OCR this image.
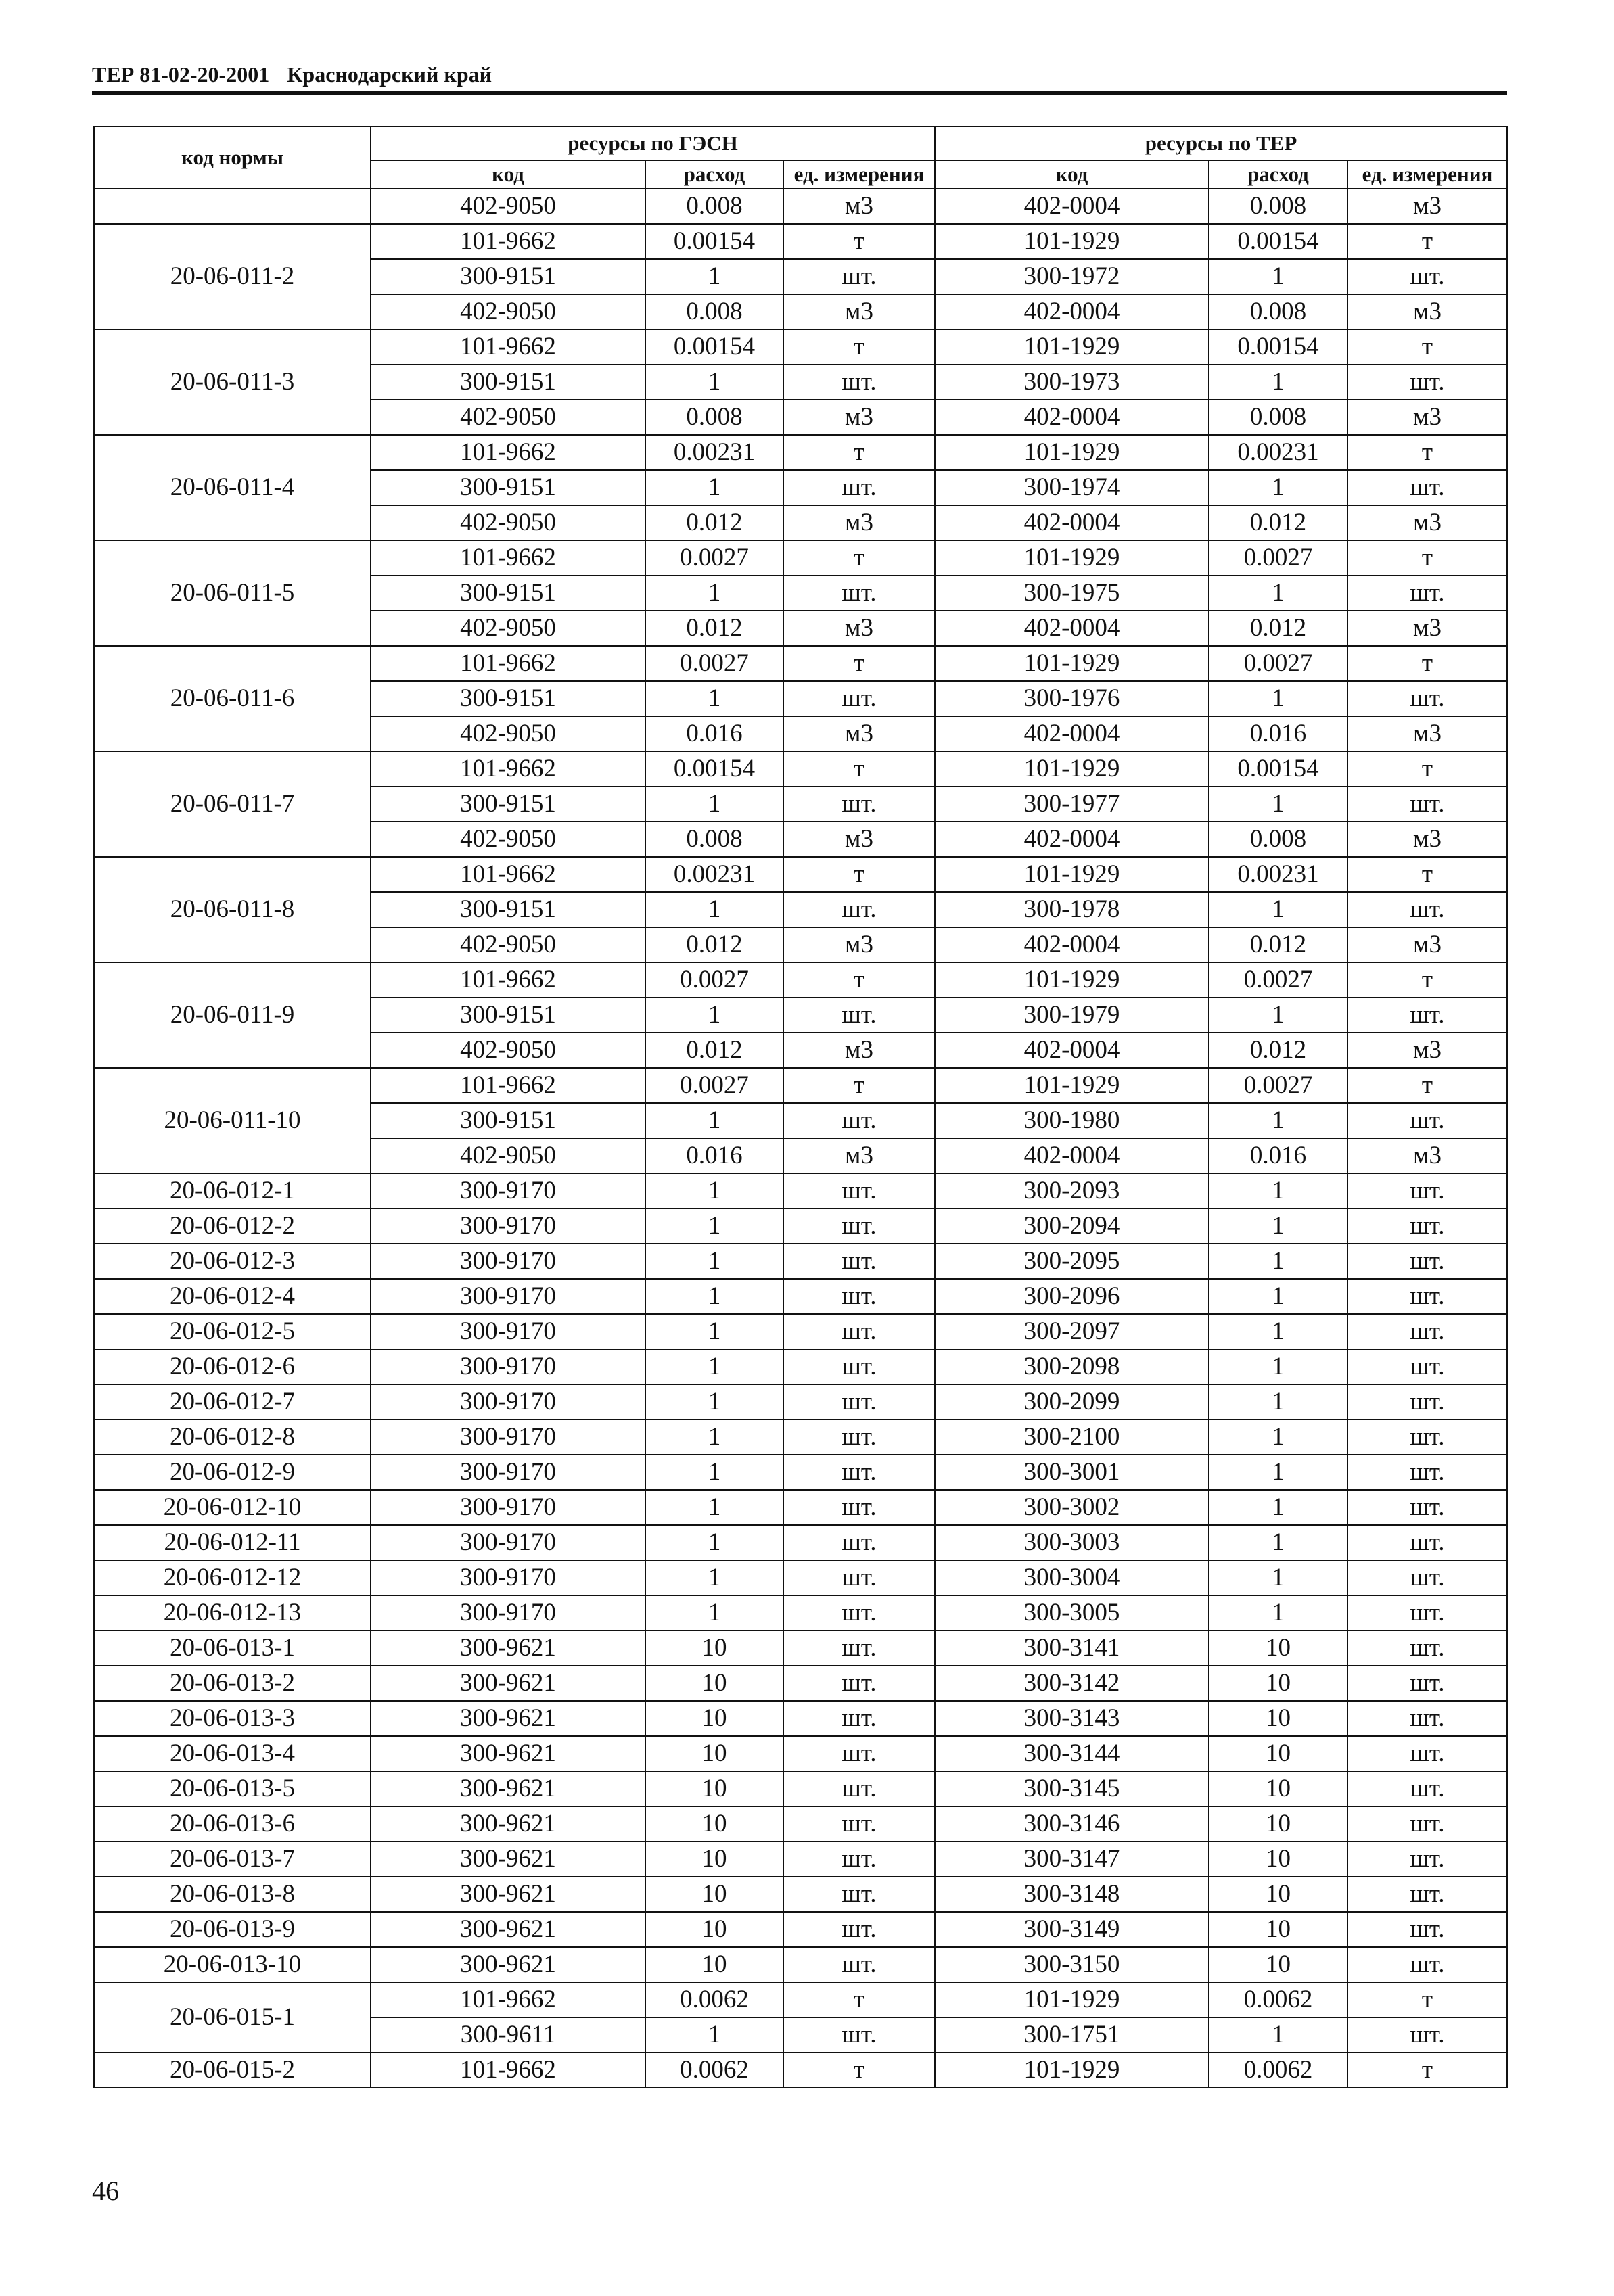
ТЕР 81-02-20-2001 Краснодарский край
код нормы	ресурсы по ГЭСН			ресурсы по ТЕР		
	код	расход	ед. измерения	код	расход	ед. измерения
	402-9050	0.008	м3	402-0004	0.008	м3
20-06-011-2	101-9662	0.00154	т	101-1929	0.00154	т
	300-9151	1	шт.	300-1972	1	шт.
	402-9050	0.008	м3	402-0004	0.008	м3
20-06-011-3	101-9662	0.00154	т	101-1929	0.00154	т
	300-9151	1	шт.	300-1973	1	шт.
	402-9050	0.008	м3	402-0004	0.008	м3
20-06-011-4	101-9662	0.00231	т	101-1929	0.00231	т
	300-9151	1	шт.	300-1974	1	шт.
	402-9050	0.012	м3	402-0004	0.012	м3
20-06-011-5	101-9662	0.0027	т	101-1929	0.0027	т
	300-9151	1	шт.	300-1975	1	шт.
	402-9050	0.012	м3	402-0004	0.012	м3
20-06-011-6	101-9662	0.0027	т	101-1929	0.0027	т
	300-9151	1	шт.	300-1976	1	шт.
	402-9050	0.016	м3	402-0004	0.016	м3
20-06-011-7	101-9662	0.00154	т	101-1929	0.00154	т
	300-9151	1	шт.	300-1977	1	шт.
	402-9050	0.008	м3	402-0004	0.008	м3
20-06-011-8	101-9662	0.00231	т	101-1929	0.00231	т
	300-9151	1	шт.	300-1978	1	шт.
	402-9050	0.012	м3	402-0004	0.012	м3
20-06-011-9	101-9662	0.0027	т	101-1929	0.0027	т
	300-9151	1	шт.	300-1979	1	шт.
	402-9050	0.012	м3	402-0004	0.012	м3
20-06-011-10	101-9662	0.0027	т	101-1929	0.0027	т
	300-9151	1	шт.	300-1980	1	шт.
	402-9050	0.016	м3	402-0004	0.016	м3
20-06-012-1	300-9170	1	шт.	300-2093	1	шт.
20-06-012-2	300-9170	1	шт.	300-2094	1	шт.
20-06-012-3	300-9170	1	шт.	300-2095	1	шт.
20-06-012-4	300-9170	1	шт.	300-2096	1	шт.
20-06-012-5	300-9170	1	шт.	300-2097	1	шт.
20-06-012-6	300-9170	1	шт.	300-2098	1	шт.
20-06-012-7	300-9170	1	шт.	300-2099	1	шт.
20-06-012-8	300-9170	1	шт.	300-2100	1	шт.
20-06-012-9	300-9170	1	шт.	300-3001	1	шт.
20-06-012-10	300-9170	1	шт.	300-3002	1	шт.
20-06-012-11	300-9170	1	шт.	300-3003	1	шт.
20-06-012-12	300-9170	1	шт.	300-3004	1	шт.
20-06-012-13	300-9170	1	шт.	300-3005	1	шт.
20-06-013-1	300-9621	10	шт.	300-3141	10	шт.
20-06-013-2	300-9621	10	шт.	300-3142	10	шт.
20-06-013-3	300-9621	10	шт.	300-3143	10	шт.
20-06-013-4	300-9621	10	шт.	300-3144	10	шт.
20-06-013-5	300-9621	10	шт.	300-3145	10	шт.
20-06-013-6	300-9621	10	шт.	300-3146	10	шт.
20-06-013-7	300-9621	10	шт.	300-3147	10	шт.
20-06-013-8	300-9621	10	шт.	300-3148	10	шт.
20-06-013-9	300-9621	10	шт.	300-3149	10	шт.
20-06-013-10	300-9621	10	шт.	300-3150	10	шт.
20-06-015-1	101-9662	0.0062	т	101-1929	0.0062	т
	300-9611	1	шт.	300-1751	1	шт.
20-06-015-2	101-9662	0.0062	т	101-1929	0.0062	т
46
